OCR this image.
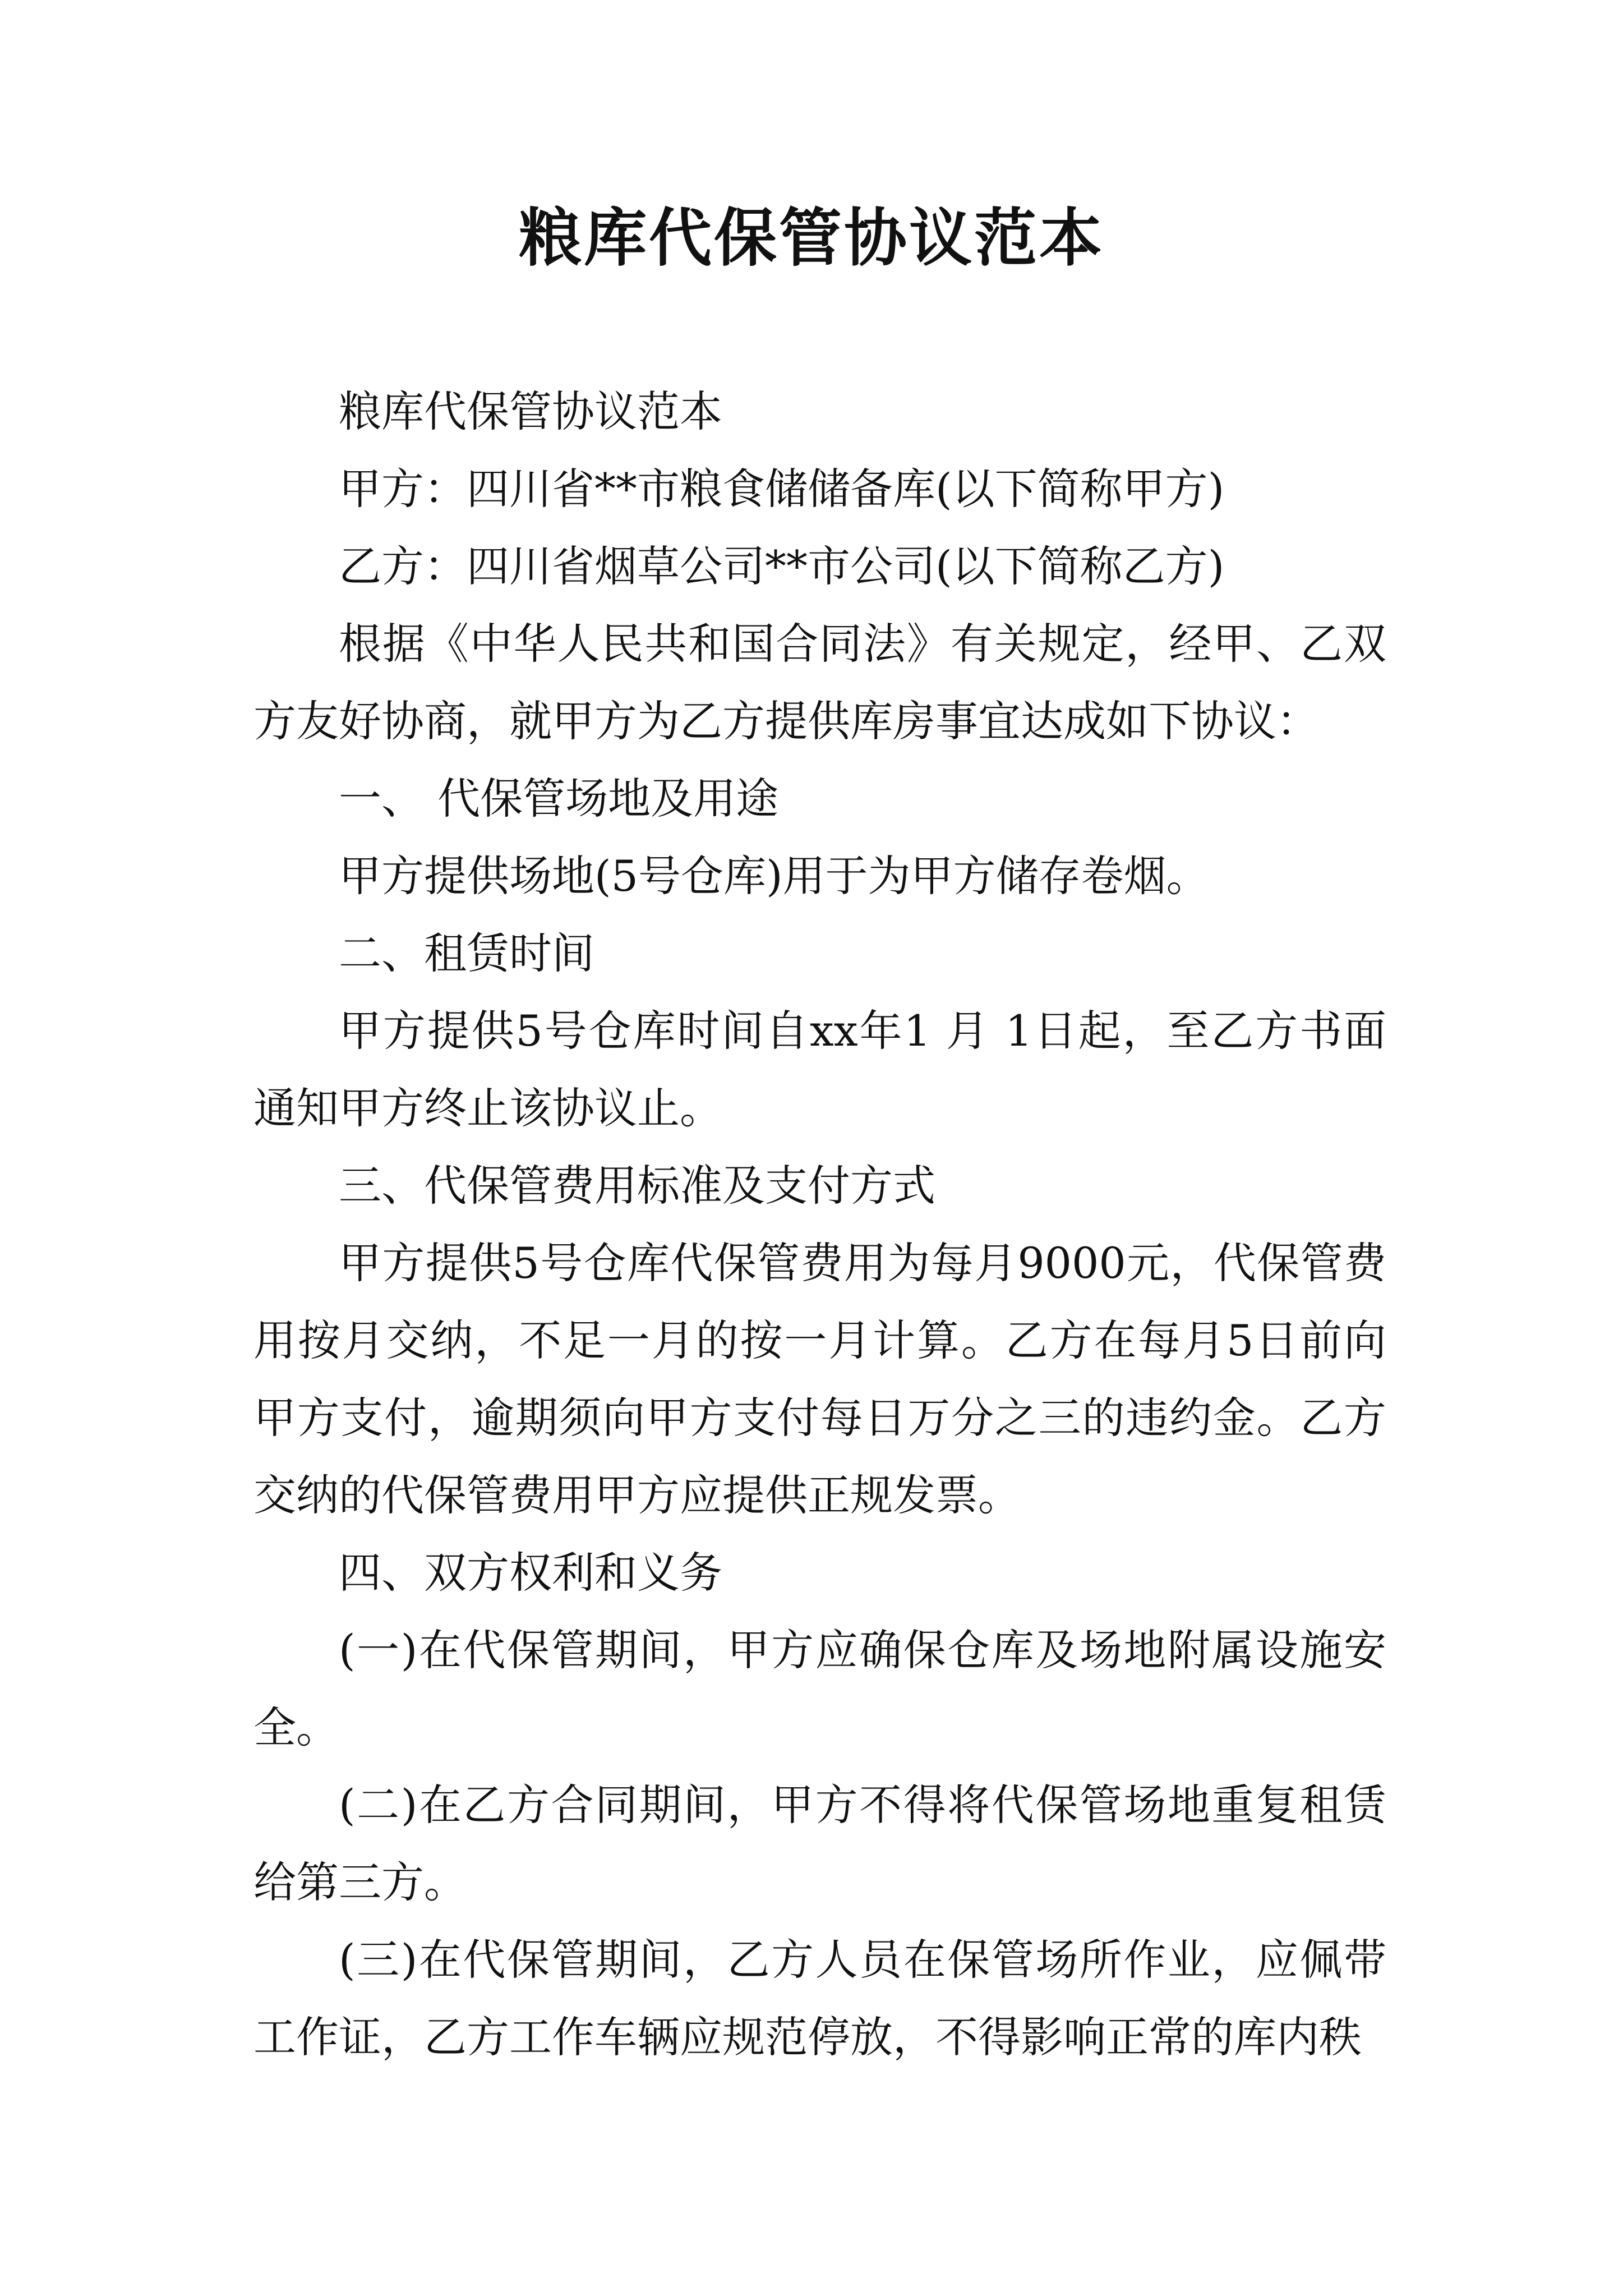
粮库代保管协议范本

粮库代保管协议范本

甲方：四川省**市粮食储储备库(以下简称甲方)

乙方：四川省烟草公司**市公司(以下简称乙方)

根据《中华人民共和国合同法》有关规定，经甲、乙双方友好协商，就甲方为乙方提供库房事宜达成如下协议：

一、 代保管场地及用途

甲方提供场地(5号仓库)用于为甲方储存卷烟。

二、租赁时间

甲方提供5号仓库时间自xx年1 月 1日起，至乙方书面通知甲方终止该协议止。

三、代保管费用标准及支付方式

甲方提供5号仓库代保管费用为每月9000元，代保管费用按月交纳，不足一月的按一月计算。乙方在每月5日前向甲方支付，逾期须向甲方支付每日万分之三的违约金。乙方交纳的代保管费用甲方应提供正规发票。

四、双方权利和义务

(一)在代保管期间，甲方应确保仓库及场地附属设施安全。

(二)在乙方合同期间，甲方不得将代保管场地重复租赁给第三方。

(三)在代保管期间，乙方人员在保管场所作业，应佩带工作证，乙方工作车辆应规范停放，不得影响正常的库内秩
